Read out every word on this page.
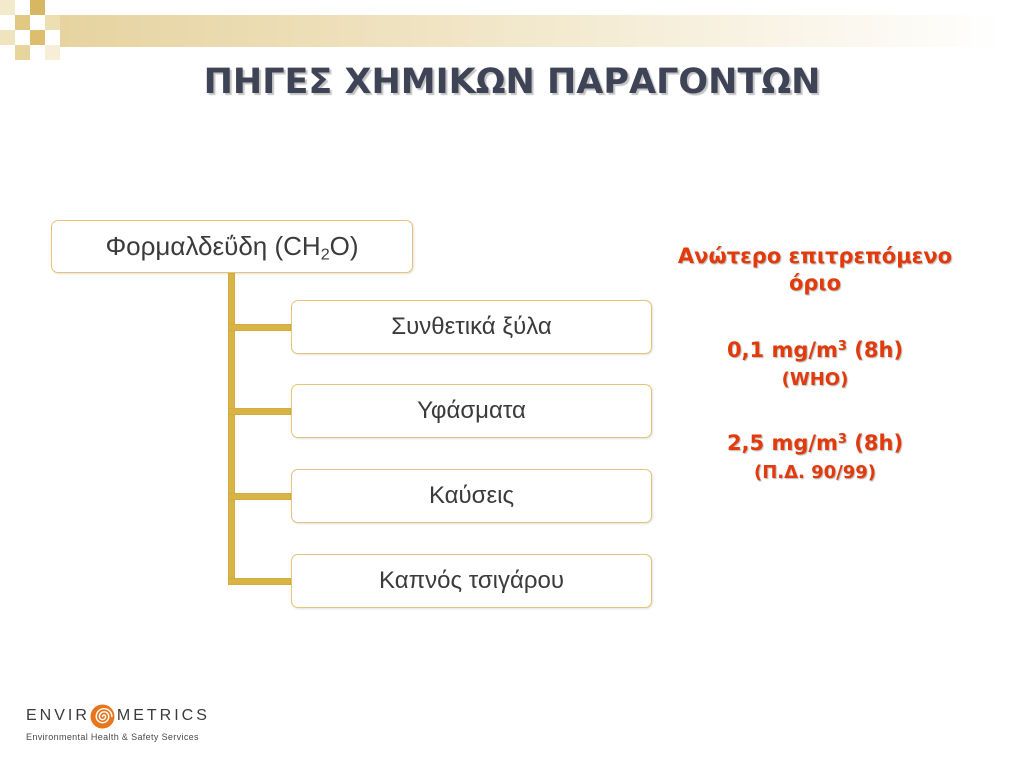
ΠΗΓΕΣ ΧΗΜΙΚΩΝ ΠΑΡΑΓΟΝΤΩΝ
Φορμαλδεΰδη $(CH_2O)$
Συνθετικά ξύλα
Υφάσματα
Καύσεις
Καπνός τσιγάρου
Ανώτερο επιτρεπόμενο
όριο
0,1 $mg/m^3$ (8h)
(WHO)
2,5 $mg/m^3$ (8h)
(Π.Δ. 90/99)
ENVIR METRICS
Environmental Health & Safety Services
